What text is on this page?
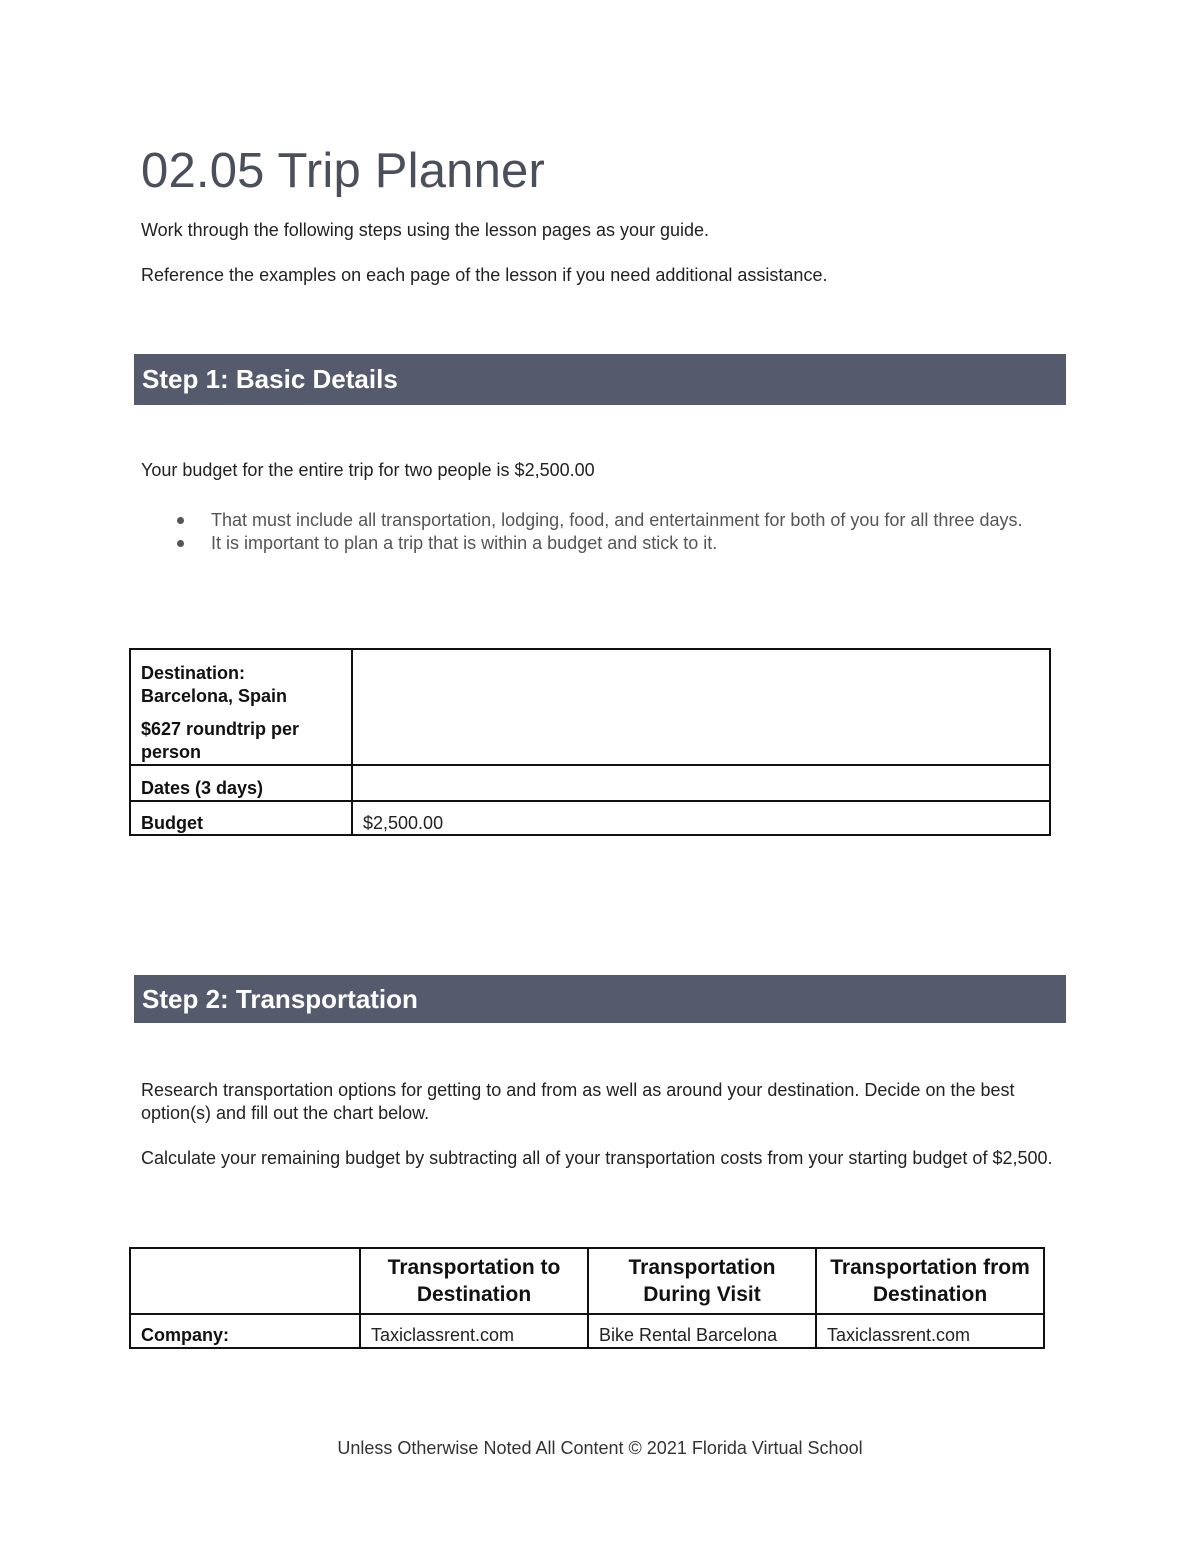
02.05 Trip Planner
Work through the following steps using the lesson pages as your guide.
Reference the examples on each page of the lesson if you need additional assistance.
Step 1: Basic Details
Your budget for the entire trip for two people is $2,500.00
That must include all transportation, lodging, food, and entertainment for both of you for all three days.
It is important to plan a trip that is within a budget and stick to it.
Destination: Barcelona, Spain
$627 roundtrip per person	

Dates (3 days)	
Budget	$2,500.00
Step 2: Transportation
Research transportation options for getting to and from as well as around your destination. Decide on the best option(s) and fill out the chart below.
Calculate your remaining budget by subtracting all of your transportation costs from your starting budget of $2,500.
	Transportation to Destination	Transportation During Visit	Transportation from Destination
Company:	Taxiclassrent.com	Bike Rental Barcelona	Taxiclassrent.com
Unless Otherwise Noted All Content © 2021 Florida Virtual School
